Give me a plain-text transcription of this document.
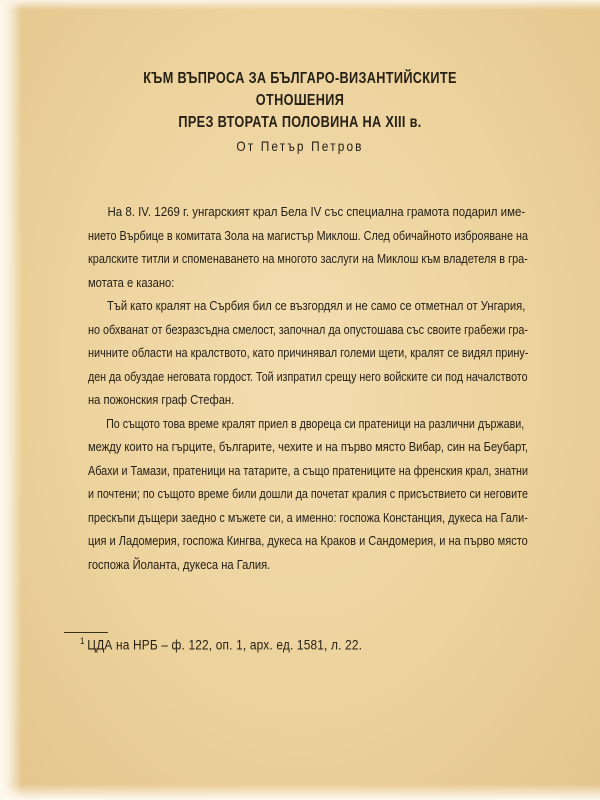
КЪМ ВЪПРОСА ЗА БЪЛГАРО-ВИЗАНТИЙСКИТЕ ОТНОШЕНИЯ
ПРЕЗ ВТОРАТА ПОЛОВИНА НА XIII в.
От Петър Петров
На 8. IV. 1269 г. унгарският крал Бела IV със специална грамота подарил име-
нието Върбице в комитата Зола на магистър Миклош. След обичайното изброяване на
кралските титли и споменаването на многото заслуги на Миклош към владетеля в гра-
мотата е казано:
Тъй като кралят на Сърбия бил се възгордял и не само се отметнал от Унгария,
но обхванат от безразсъдна смелост, започнал да опустошава със своите грабежи гра-
ничните области на кралството, като причинявал големи щети, кралят се видял прину-
ден да обуздае неговата гордост. Той изпратил срещу него войските си под началството
на пожонския граф Стефан.
По същото това време кралят приел в двореца си пратеници на различни държави,
между които на гърците, българите, чехите и на първо място Вибар, син на Беубарт,
Абахи и Тамази, пратеници на татарите, а също пратениците на френския крал, знатни
и почтени; по същото време били дошли да почетат кралия с присъствието си неговите
прескъпи дъщери заедно с мъжете си, а именно: госпожа Констанция, дукеса на Гали-
ция и Ладомерия, госпожа Кингва, дукеса на Краков и Сандомерия, и на първо място
госпожа Йоланта, дукеса на Галия.
$^1$ ЦДА на НРБ – ф. 122, оп. 1, арх. ед. 1581, л. 22.
